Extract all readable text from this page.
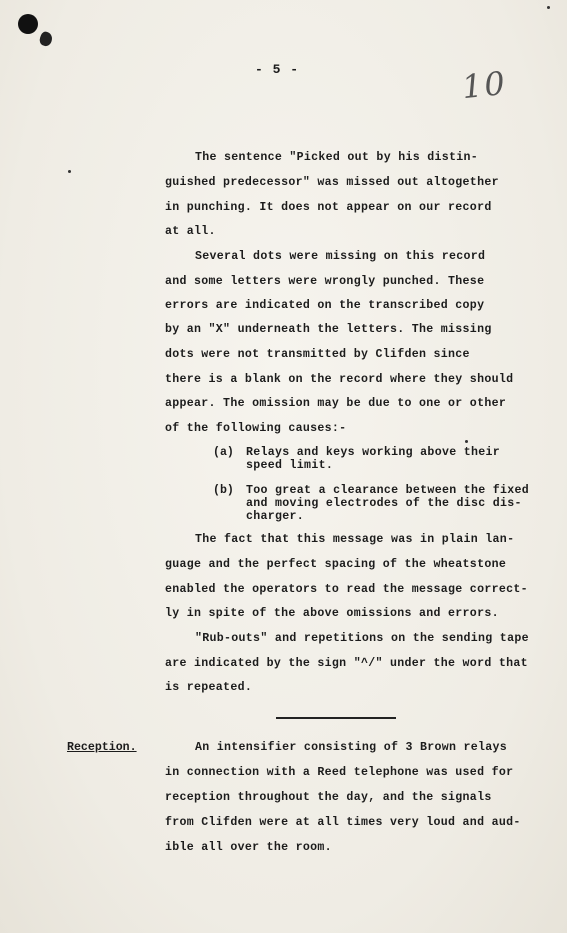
- 5 -	10
The sentence "Picked out by his distin-
guished predecessor" was missed out altogether
in punching. It does not appear on our record
at all.
Several dots were missing on this record
and some letters were wrongly punched. These
errors are indicated on the transcribed copy
by an "X" underneath the letters. The missing
dots were not transmitted by Clifden since
there is a blank on the record where they should
appear. The omission may be due to one or other
of the following causes:-
(a) Relays and keys working above their
speed limit.
(b) Too great a clearance between the fixed
and moving electrodes of the disc dis-
charger.
The fact that this message was in plain lan-
guage and the perfect spacing of the wheatstone
enabled the operators to read the message correct-
ly in spite of the above omissions and errors.
"Rub-outs" and repetitions on the sending tape
are indicated by the sign "^/" under the word that
is repeated.
Reception.	An intensifier consisting of 3 Brown relays
in connection with a Reed telephone was used for
reception throughout the day, and the signals
from Clifden were at all times very loud and aud-
ible all over the room.
